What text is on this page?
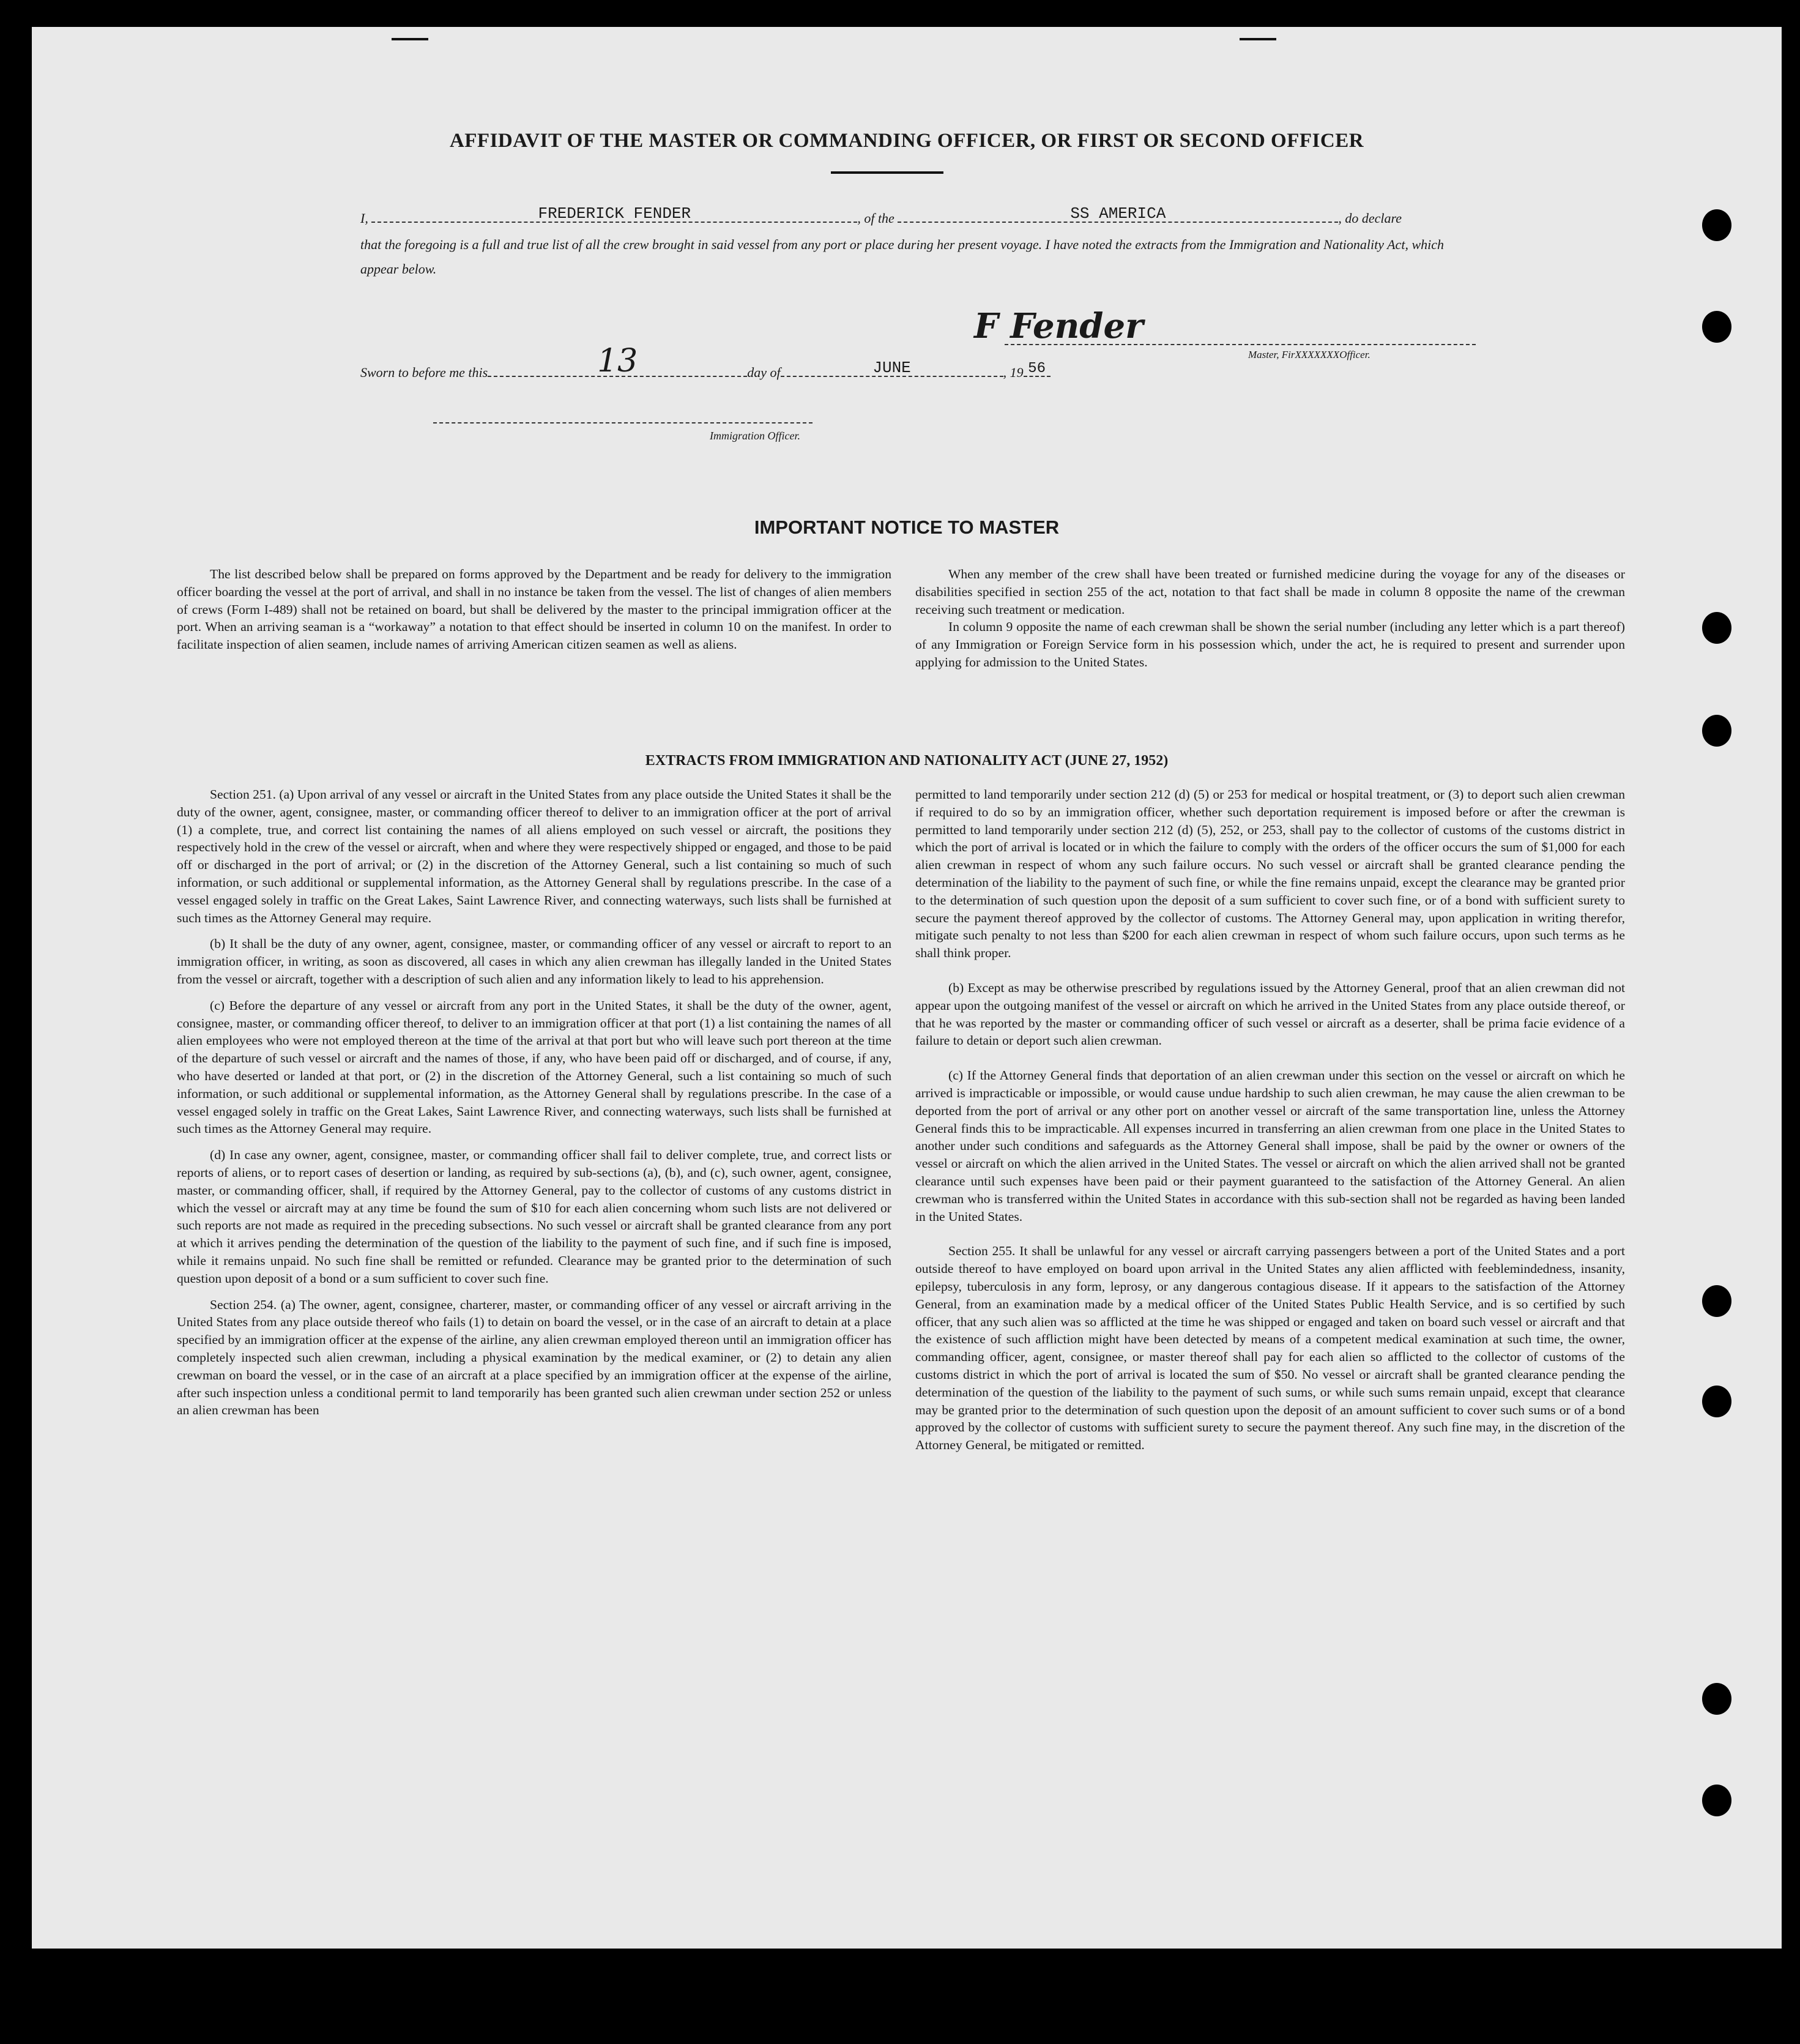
AFFIDAVIT OF THE MASTER OR COMMANDING OFFICER, OR FIRST OR SECOND OFFICER
I,	FREDERICK FENDER	, of the	SS AMERICA	, do declare
that the foregoing is a full and true list of all the crew brought in said vessel from any port or place during her present voyage. I have noted the extracts from the Immigration and Nationality Act, which appear below.
F Fender
Master, FirXXXXXXXOfficer.
Sworn to before me this	13	day of	JUNE	, 19 56
Immigration Officer.
IMPORTANT NOTICE TO MASTER

The list described below shall be prepared on forms approved by the Department and be ready for delivery to the immigration officer boarding the vessel at the port of arrival, and shall in no instance be taken from the vessel. The list of changes of alien members of crews (Form I-489) shall not be retained on board, but shall be delivered by the master to the principal immigration officer at the port. When an arriving seaman is a “workaway” a notation to that effect should be inserted in column 10 on the manifest. In order to facilitate inspection of alien seamen, include names of arriving American citizen seamen as well as aliens.

When any member of the crew shall have been treated or furnished medicine during the voyage for any of the diseases or disabilities specified in section 255 of the act, notation to that fact shall be made in column 8 opposite the name of the crewman receiving such treatment or medication.

In column 9 opposite the name of each crewman shall be shown the serial number (including any letter which is a part thereof) of any Immigration or Foreign Service form in his possession which, under the act, he is required to present and surrender upon applying for admission to the United States.

EXTRACTS FROM IMMIGRATION AND NATIONALITY ACT (JUNE 27, 1952)

Section 251. (a) Upon arrival of any vessel or aircraft in the United States from any place outside the United States it shall be the duty of the owner, agent, consignee, master, or commanding officer thereof to deliver to an immigration officer at the port of arrival (1) a complete, true, and correct list containing the names of all aliens employed on such vessel or aircraft, the positions they respectively hold in the crew of the vessel or aircraft, when and where they were respectively shipped or engaged, and those to be paid off or discharged in the port of arrival; or (2) in the discretion of the Attorney General, such a list containing so much of such information, or such additional or supplemental information, as the Attorney General shall by regulations prescribe. In the case of a vessel engaged solely in traffic on the Great Lakes, Saint Lawrence River, and connecting waterways, such lists shall be furnished at such times as the Attorney General may require.

(b) It shall be the duty of any owner, agent, consignee, master, or commanding officer of any vessel or aircraft to report to an immigration officer, in writing, as soon as discovered, all cases in which any alien crewman has illegally landed in the United States from the vessel or aircraft, together with a description of such alien and any information likely to lead to his apprehension.

(c) Before the departure of any vessel or aircraft from any port in the United States, it shall be the duty of the owner, agent, consignee, master, or commanding officer thereof, to deliver to an immigration officer at that port (1) a list containing the names of all alien employees who were not employed thereon at the time of the arrival at that port but who will leave such port thereon at the time of the departure of such vessel or aircraft and the names of those, if any, who have been paid off or discharged, and of course, if any, who have deserted or landed at that port, or (2) in the discretion of the Attorney General, such a list containing so much of such information, or such additional or supplemental information, as the Attorney General shall by regulations prescribe. In the case of a vessel engaged solely in traffic on the Great Lakes, Saint Lawrence River, and connecting waterways, such lists shall be furnished at such times as the Attorney General may require.

(d) In case any owner, agent, consignee, master, or commanding officer shall fail to deliver complete, true, and correct lists or reports of aliens, or to report cases of desertion or landing, as required by sub-sections (a), (b), and (c), such owner, agent, consignee, master, or commanding officer, shall, if required by the Attorney General, pay to the collector of customs of any customs district in which the vessel or aircraft may at any time be found the sum of $10 for each alien concerning whom such lists are not delivered or such reports are not made as required in the preceding subsections. No such vessel or aircraft shall be granted clearance from any port at which it arrives pending the determination of the question of the liability to the payment of such fine, and if such fine is imposed, while it remains unpaid. No such fine shall be remitted or refunded. Clearance may be granted prior to the determination of such question upon deposit of a bond or a sum sufficient to cover such fine.

Section 254. (a) The owner, agent, consignee, charterer, master, or commanding officer of any vessel or aircraft arriving in the United States from any place outside thereof who fails (1) to detain on board the vessel, or in the case of an aircraft to detain at a place specified by an immigration officer at the expense of the airline, any alien crewman employed thereon until an immigration officer has completely inspected such alien crewman, including a physical examination by the medical examiner, or (2) to detain any alien crewman on board the vessel, or in the case of an aircraft at a place specified by an immigration officer at the expense of the airline, after such inspection unless a conditional permit to land temporarily has been granted such alien crewman under section 252 or unless an alien crewman has been

permitted to land temporarily under section 212 (d) (5) or 253 for medical or hospital treatment, or (3) to deport such alien crewman if required to do so by an immigration officer, whether such deportation requirement is imposed before or after the crewman is permitted to land temporarily under section 212 (d) (5), 252, or 253, shall pay to the collector of customs of the customs district in which the port of arrival is located or in which the failure to comply with the orders of the officer occurs the sum of $1,000 for each alien crewman in respect of whom any such failure occurs. No such vessel or aircraft shall be granted clearance pending the determination of the liability to the payment of such fine, or while the fine remains unpaid, except the clearance may be granted prior to the determination of such question upon the deposit of a sum sufficient to cover such fine, or of a bond with sufficient surety to secure the payment thereof approved by the collector of customs. The Attorney General may, upon application in writing therefor, mitigate such penalty to not less than $200 for each alien crewman in respect of whom such failure occurs, upon such terms as he shall think proper.

(b) Except as may be otherwise prescribed by regulations issued by the Attorney General, proof that an alien crewman did not appear upon the outgoing manifest of the vessel or aircraft on which he arrived in the United States from any place outside thereof, or that he was reported by the master or commanding officer of such vessel or aircraft as a deserter, shall be prima facie evidence of a failure to detain or deport such alien crewman.

(c) If the Attorney General finds that deportation of an alien crewman under this section on the vessel or aircraft on which he arrived is impracticable or impossible, or would cause undue hardship to such alien crewman, he may cause the alien crewman to be deported from the port of arrival or any other port on another vessel or aircraft of the same transportation line, unless the Attorney General finds this to be impracticable. All expenses incurred in transferring an alien crewman from one place in the United States to another under such conditions and safeguards as the Attorney General shall impose, shall be paid by the owner or owners of the vessel or aircraft on which the alien arrived in the United States. The vessel or aircraft on which the alien arrived shall not be granted clearance until such expenses have been paid or their payment guaranteed to the satisfaction of the Attorney General. An alien crewman who is transferred within the United States in accordance with this sub-section shall not be regarded as having been landed in the United States.

Section 255. It shall be unlawful for any vessel or aircraft carrying passengers between a port of the United States and a port outside thereof to have employed on board upon arrival in the United States any alien afflicted with feeblemindedness, insanity, epilepsy, tuberculosis in any form, leprosy, or any dangerous contagious disease. If it appears to the satisfaction of the Attorney General, from an examination made by a medical officer of the United States Public Health Service, and is so certified by such officer, that any such alien was so afflicted at the time he was shipped or engaged and taken on board such vessel or aircraft and that the existence of such affliction might have been detected by means of a competent medical examination at such time, the owner, commanding officer, agent, consignee, or master thereof shall pay for each alien so afflicted to the collector of customs of the customs district in which the port of arrival is located the sum of $50. No vessel or aircraft shall be granted clearance pending the determination of the question of the liability to the payment of such sums, or while such sums remain unpaid, except that clearance may be granted prior to the determination of such question upon the deposit of an amount sufficient to cover such sums or of a bond approved by the collector of customs with sufficient surety to secure the payment thereof. Any such fine may, in the discretion of the Attorney General, be mitigated or remitted.
